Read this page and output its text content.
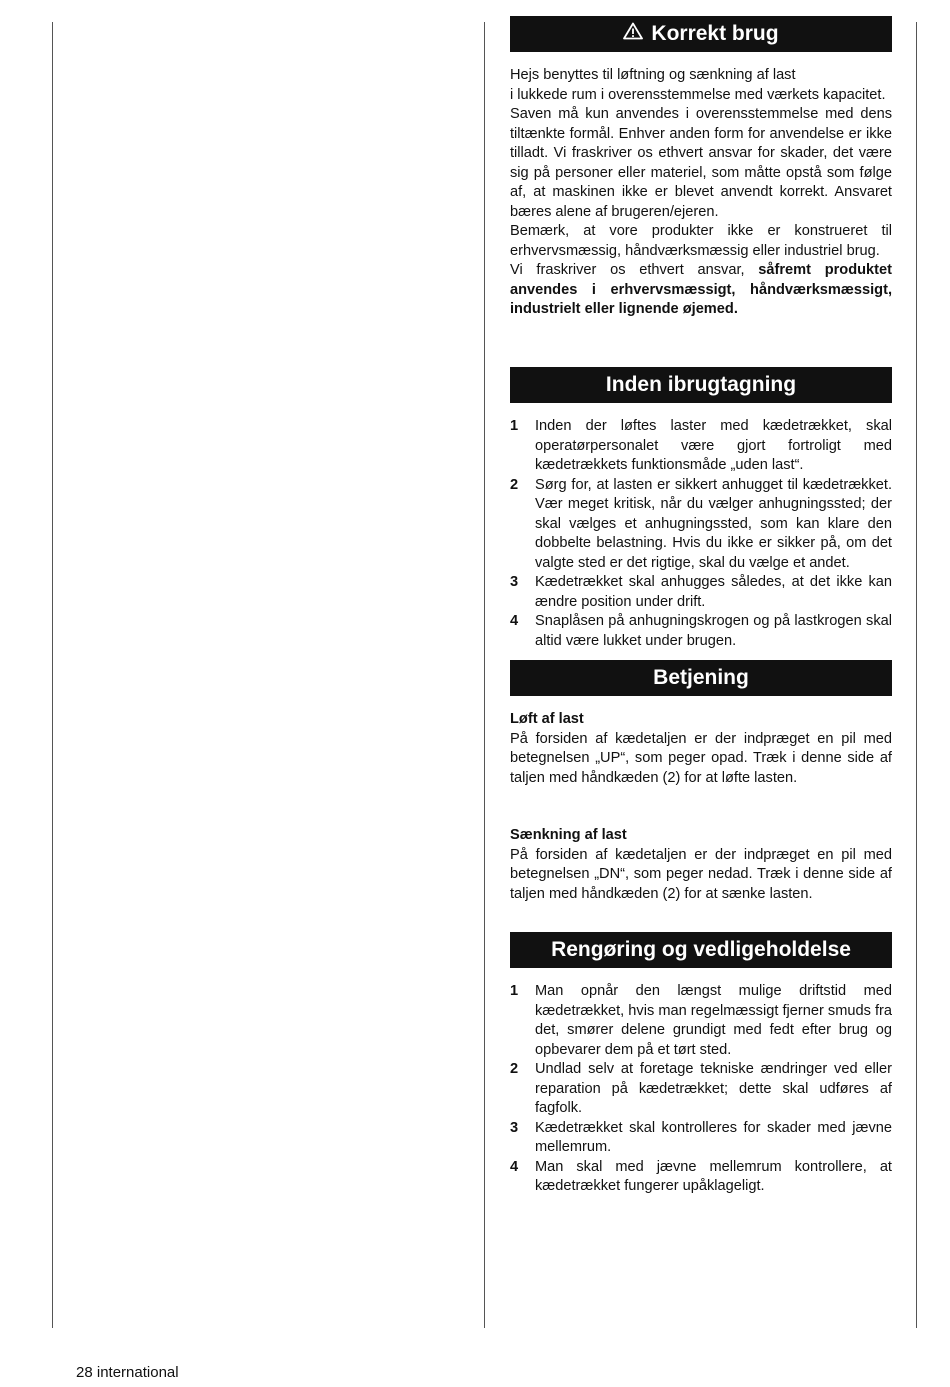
Korrekt brug

Hejs benyttes til løftning og sænkning af last

i lukkede rum i overensstemmelse med værkets kapacitet.

Saven må kun anvendes i overensstemmelse med dens tiltænkte formål. Enhver anden form for anvendelse er ikke tilladt. Vi fraskriver os ethvert ansvar for skader, det være sig på personer eller materiel, som måtte opstå som følge af, at maskinen ikke er blevet anvendt korrekt. Ansvaret bæres alene af brugeren/ejeren.

Bemærk, at vore produkter ikke er konstrueret til erhvervsmæssig, håndværksmæssig eller industriel brug.

Vi fraskriver os ethvert ansvar, såfremt produktet anvendes i erhvervsmæssigt, håndværksmæssigt, industrielt eller lignende øjemed.

Inden ibrugtagning
1 Inden der løftes laster med kædetrækket, skal operatørpersonalet være gjort fortroligt med kædetrækkets funktionsmåde „uden last“.
2 Sørg for, at lasten er sikkert anhugget til kædetrækket. Vær meget kritisk, når du vælger anhugningssted; der skal vælges et anhugningssted, som kan klare den dobbelte belastning. Hvis du ikke er sikker på, om det valgte sted er det rigtige, skal du vælge et andet.
3 Kædetrækket skal anhugges således, at det ikke kan ændre position under drift.
4 Snaplåsen på anhugningskrogen og på lastkrogen skal altid være lukket under brugen.
Betjening

Løft af last

På forsiden af kædetaljen er der indpræget en pil med betegnelsen „UP“, som peger opad. Træk i denne side af taljen med håndkæden (2) for at løfte lasten.

Sænkning af last

På forsiden af kædetaljen er der indpræget en pil med betegnelsen „DN“, som peger nedad. Træk i denne side af taljen med håndkæden (2) for at sænke lasten.

Rengøring og vedligeholdelse
1 Man opnår den længst mulige driftstid med kædetrækket, hvis man regelmæssigt fjerner smuds fra det, smører delene grundigt med fedt efter brug og opbevarer dem på et tørt sted.
2 Undlad selv at foretage tekniske ændringer ved eller reparation på kædetrækket; dette skal udføres af fagfolk.
3 Kædetrækket skal kontrolleres for skader med jævne mellemrum.
4 Man skal med jævne mellemrum kontrollere, at kædetrækket fungerer upåklageligt.
28 international
